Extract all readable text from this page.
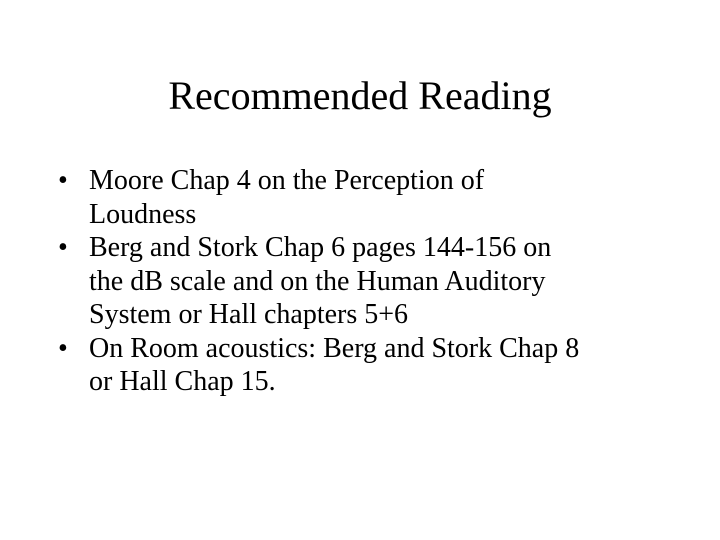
Recommended Reading
• Moore Chap 4 on the Perception of
Loudness
• Berg and Stork Chap 6 pages 144-156 on
the dB scale and on the Human Auditory
System or Hall chapters 5+6
• On Room acoustics: Berg and Stork Chap 8
or Hall Chap 15.
